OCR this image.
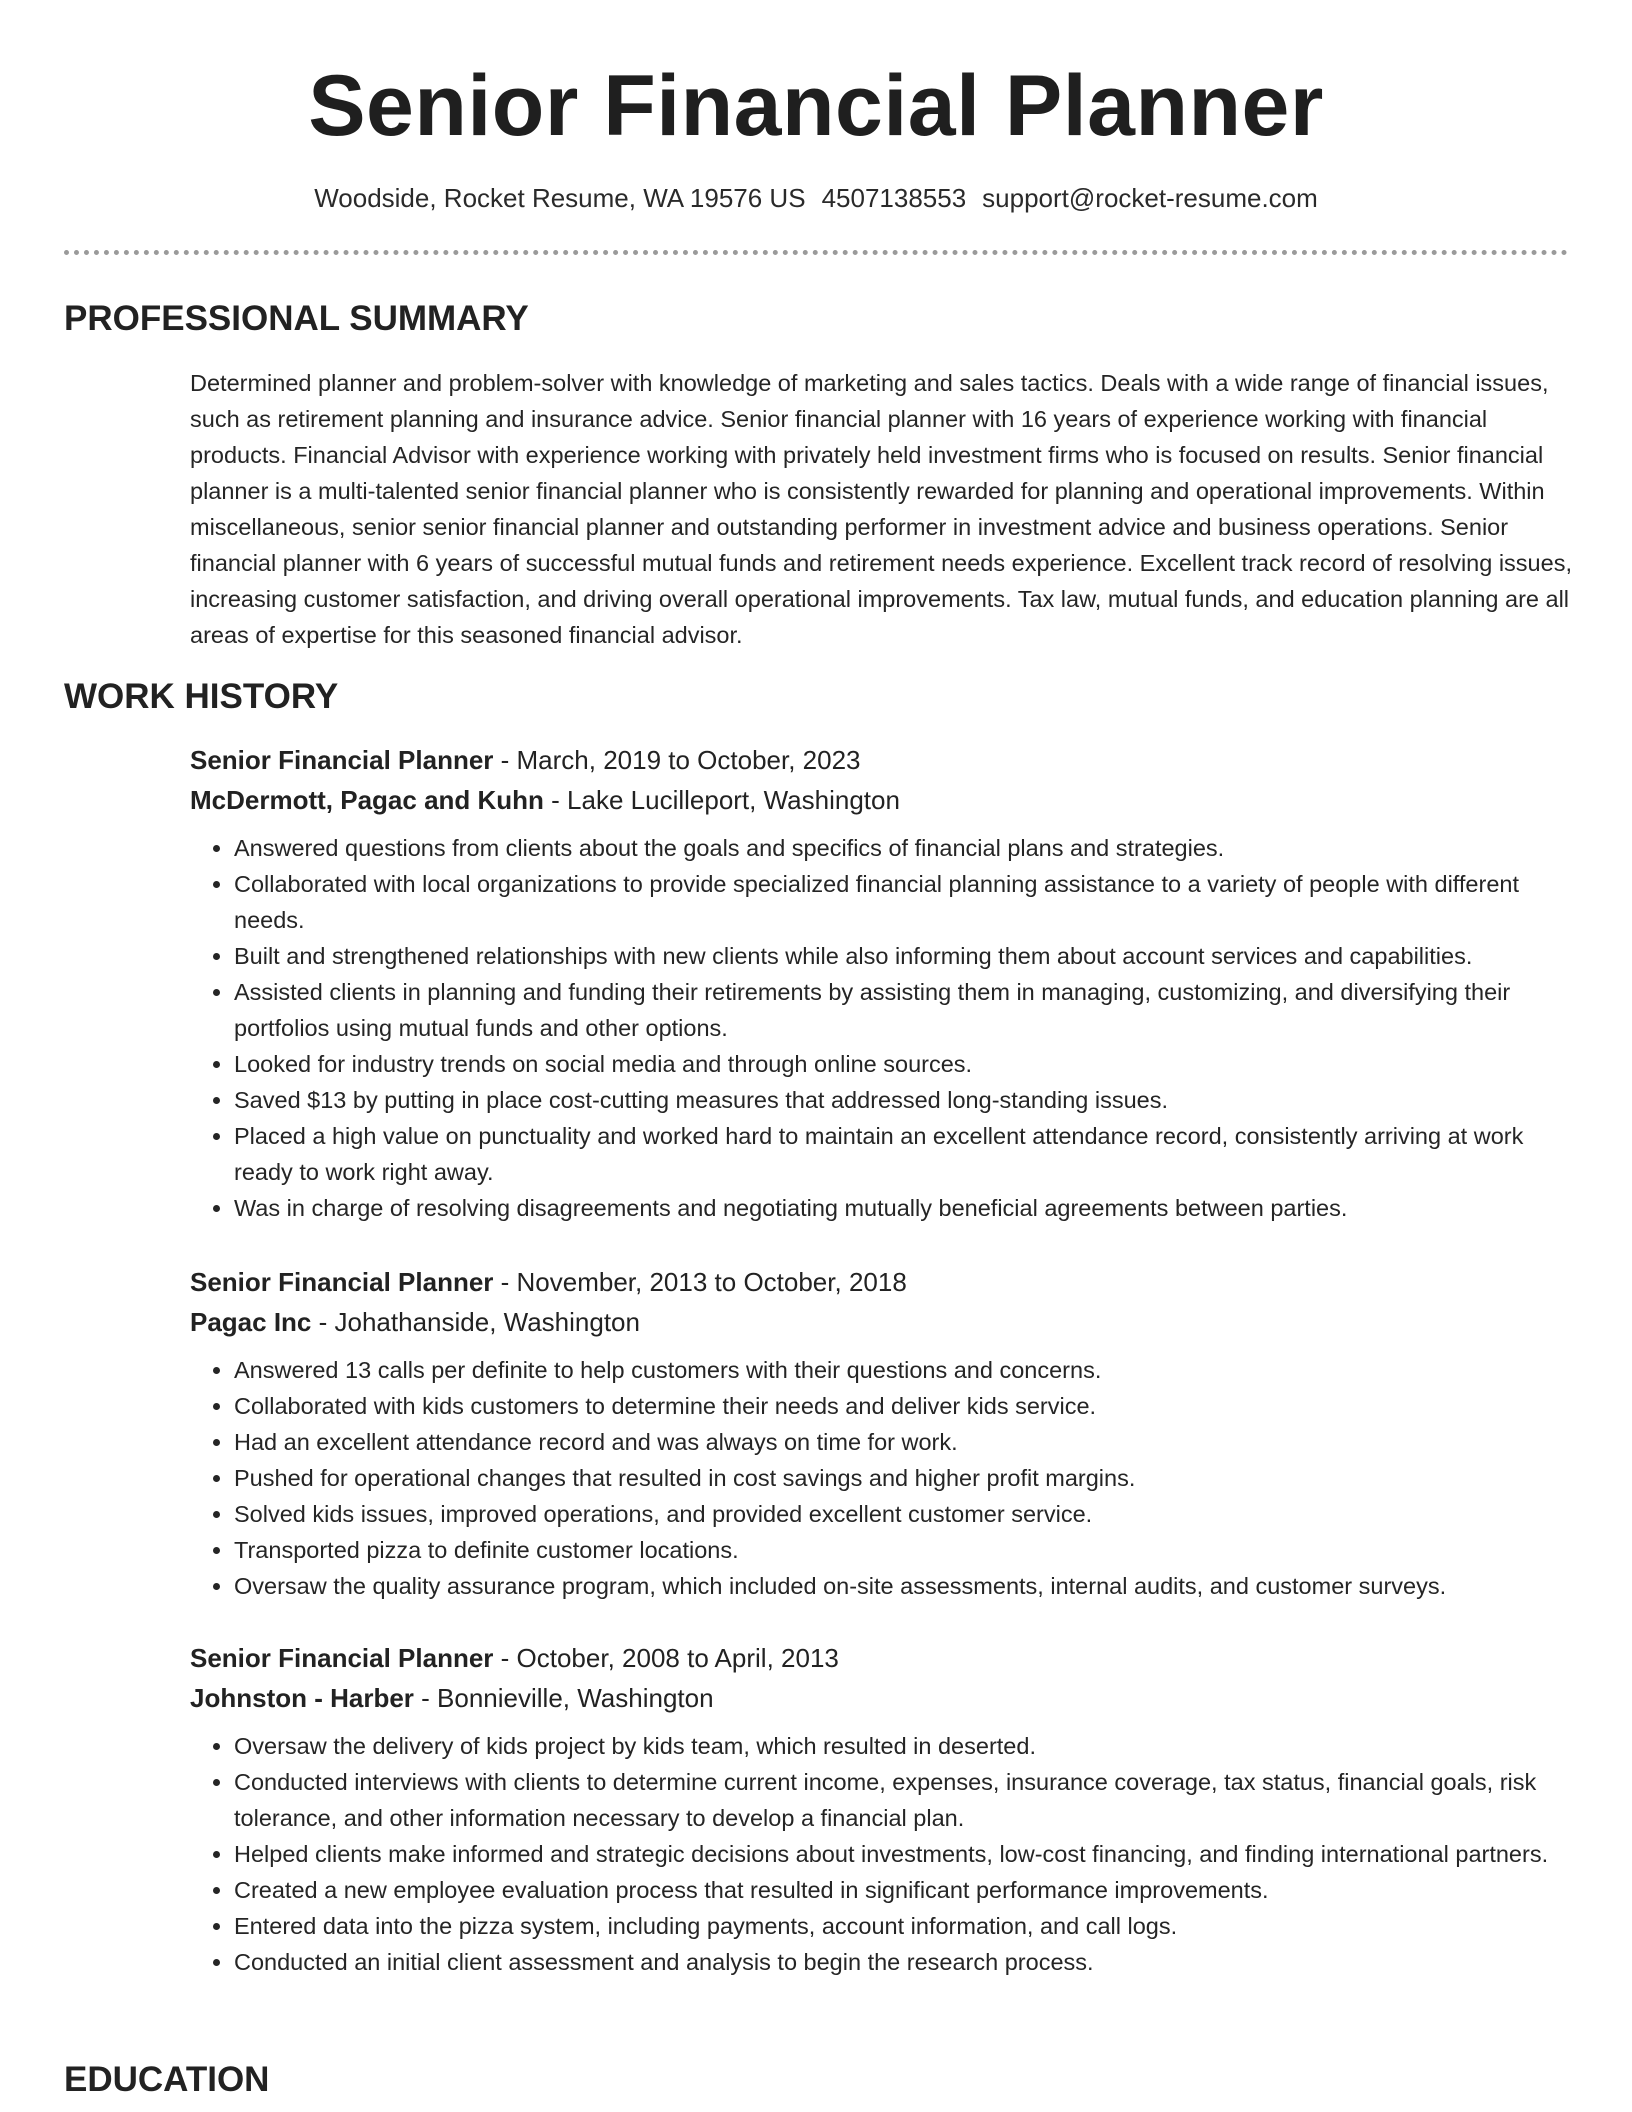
Senior Financial Planner
Woodside, Rocket Resume, WA 19576 US 4507138553 support@rocket-resume.com
PROFESSIONAL SUMMARY

Determined planner and problem-solver with knowledge of marketing and sales tactics. Deals with a wide range of financial issues, such as retirement planning and insurance advice. Senior financial planner with 16 years of experience working with financial products. Financial Advisor with experience working with privately held investment firms who is focused on results. Senior financial planner is a multi-talented senior financial planner who is consistently rewarded for planning and operational improvements. Within miscellaneous, senior senior financial planner and outstanding performer in investment advice and business operations. Senior financial planner with 6 years of successful mutual funds and retirement needs experience. Excellent track record of resolving issues, increasing customer satisfaction, and driving overall operational improvements. Tax law, mutual funds, and education planning are all areas of expertise for this seasoned financial advisor.

WORK HISTORY
Senior Financial Planner - March, 2019 to October, 2023
McDermott, Pagac and Kuhn - Lake Lucilleport, Washington
• Answered questions from clients about the goals and specifics of financial plans and strategies.
• Collaborated with local organizations to provide specialized financial planning assistance to a variety of people with different needs.
• Built and strengthened relationships with new clients while also informing them about account services and capabilities.
• Assisted clients in planning and funding their retirements by assisting them in managing, customizing, and diversifying their portfolios using mutual funds and other options.
• Looked for industry trends on social media and through online sources.
• Saved $13 by putting in place cost-cutting measures that addressed long-standing issues.
• Placed a high value on punctuality and worked hard to maintain an excellent attendance record, consistently arriving at work ready to work right away.
• Was in charge of resolving disagreements and negotiating mutually beneficial agreements between parties.
Senior Financial Planner - November, 2013 to October, 2018
Pagac Inc - Johathanside, Washington
• Answered 13 calls per definite to help customers with their questions and concerns.
• Collaborated with kids customers to determine their needs and deliver kids service.
• Had an excellent attendance record and was always on time for work.
• Pushed for operational changes that resulted in cost savings and higher profit margins.
• Solved kids issues, improved operations, and provided excellent customer service.
• Transported pizza to definite customer locations.
• Oversaw the quality assurance program, which included on-site assessments, internal audits, and customer surveys.
Senior Financial Planner - October, 2008 to April, 2013
Johnston - Harber - Bonnieville, Washington
• Oversaw the delivery of kids project by kids team, which resulted in deserted.
• Conducted interviews with clients to determine current income, expenses, insurance coverage, tax status, financial goals, risk tolerance, and other information necessary to develop a financial plan.
• Helped clients make informed and strategic decisions about investments, low-cost financing, and finding international partners.
• Created a new employee evaluation process that resulted in significant performance improvements.
• Entered data into the pizza system, including payments, account information, and call logs.
• Conducted an initial client assessment and analysis to begin the research process.
EDUCATION
